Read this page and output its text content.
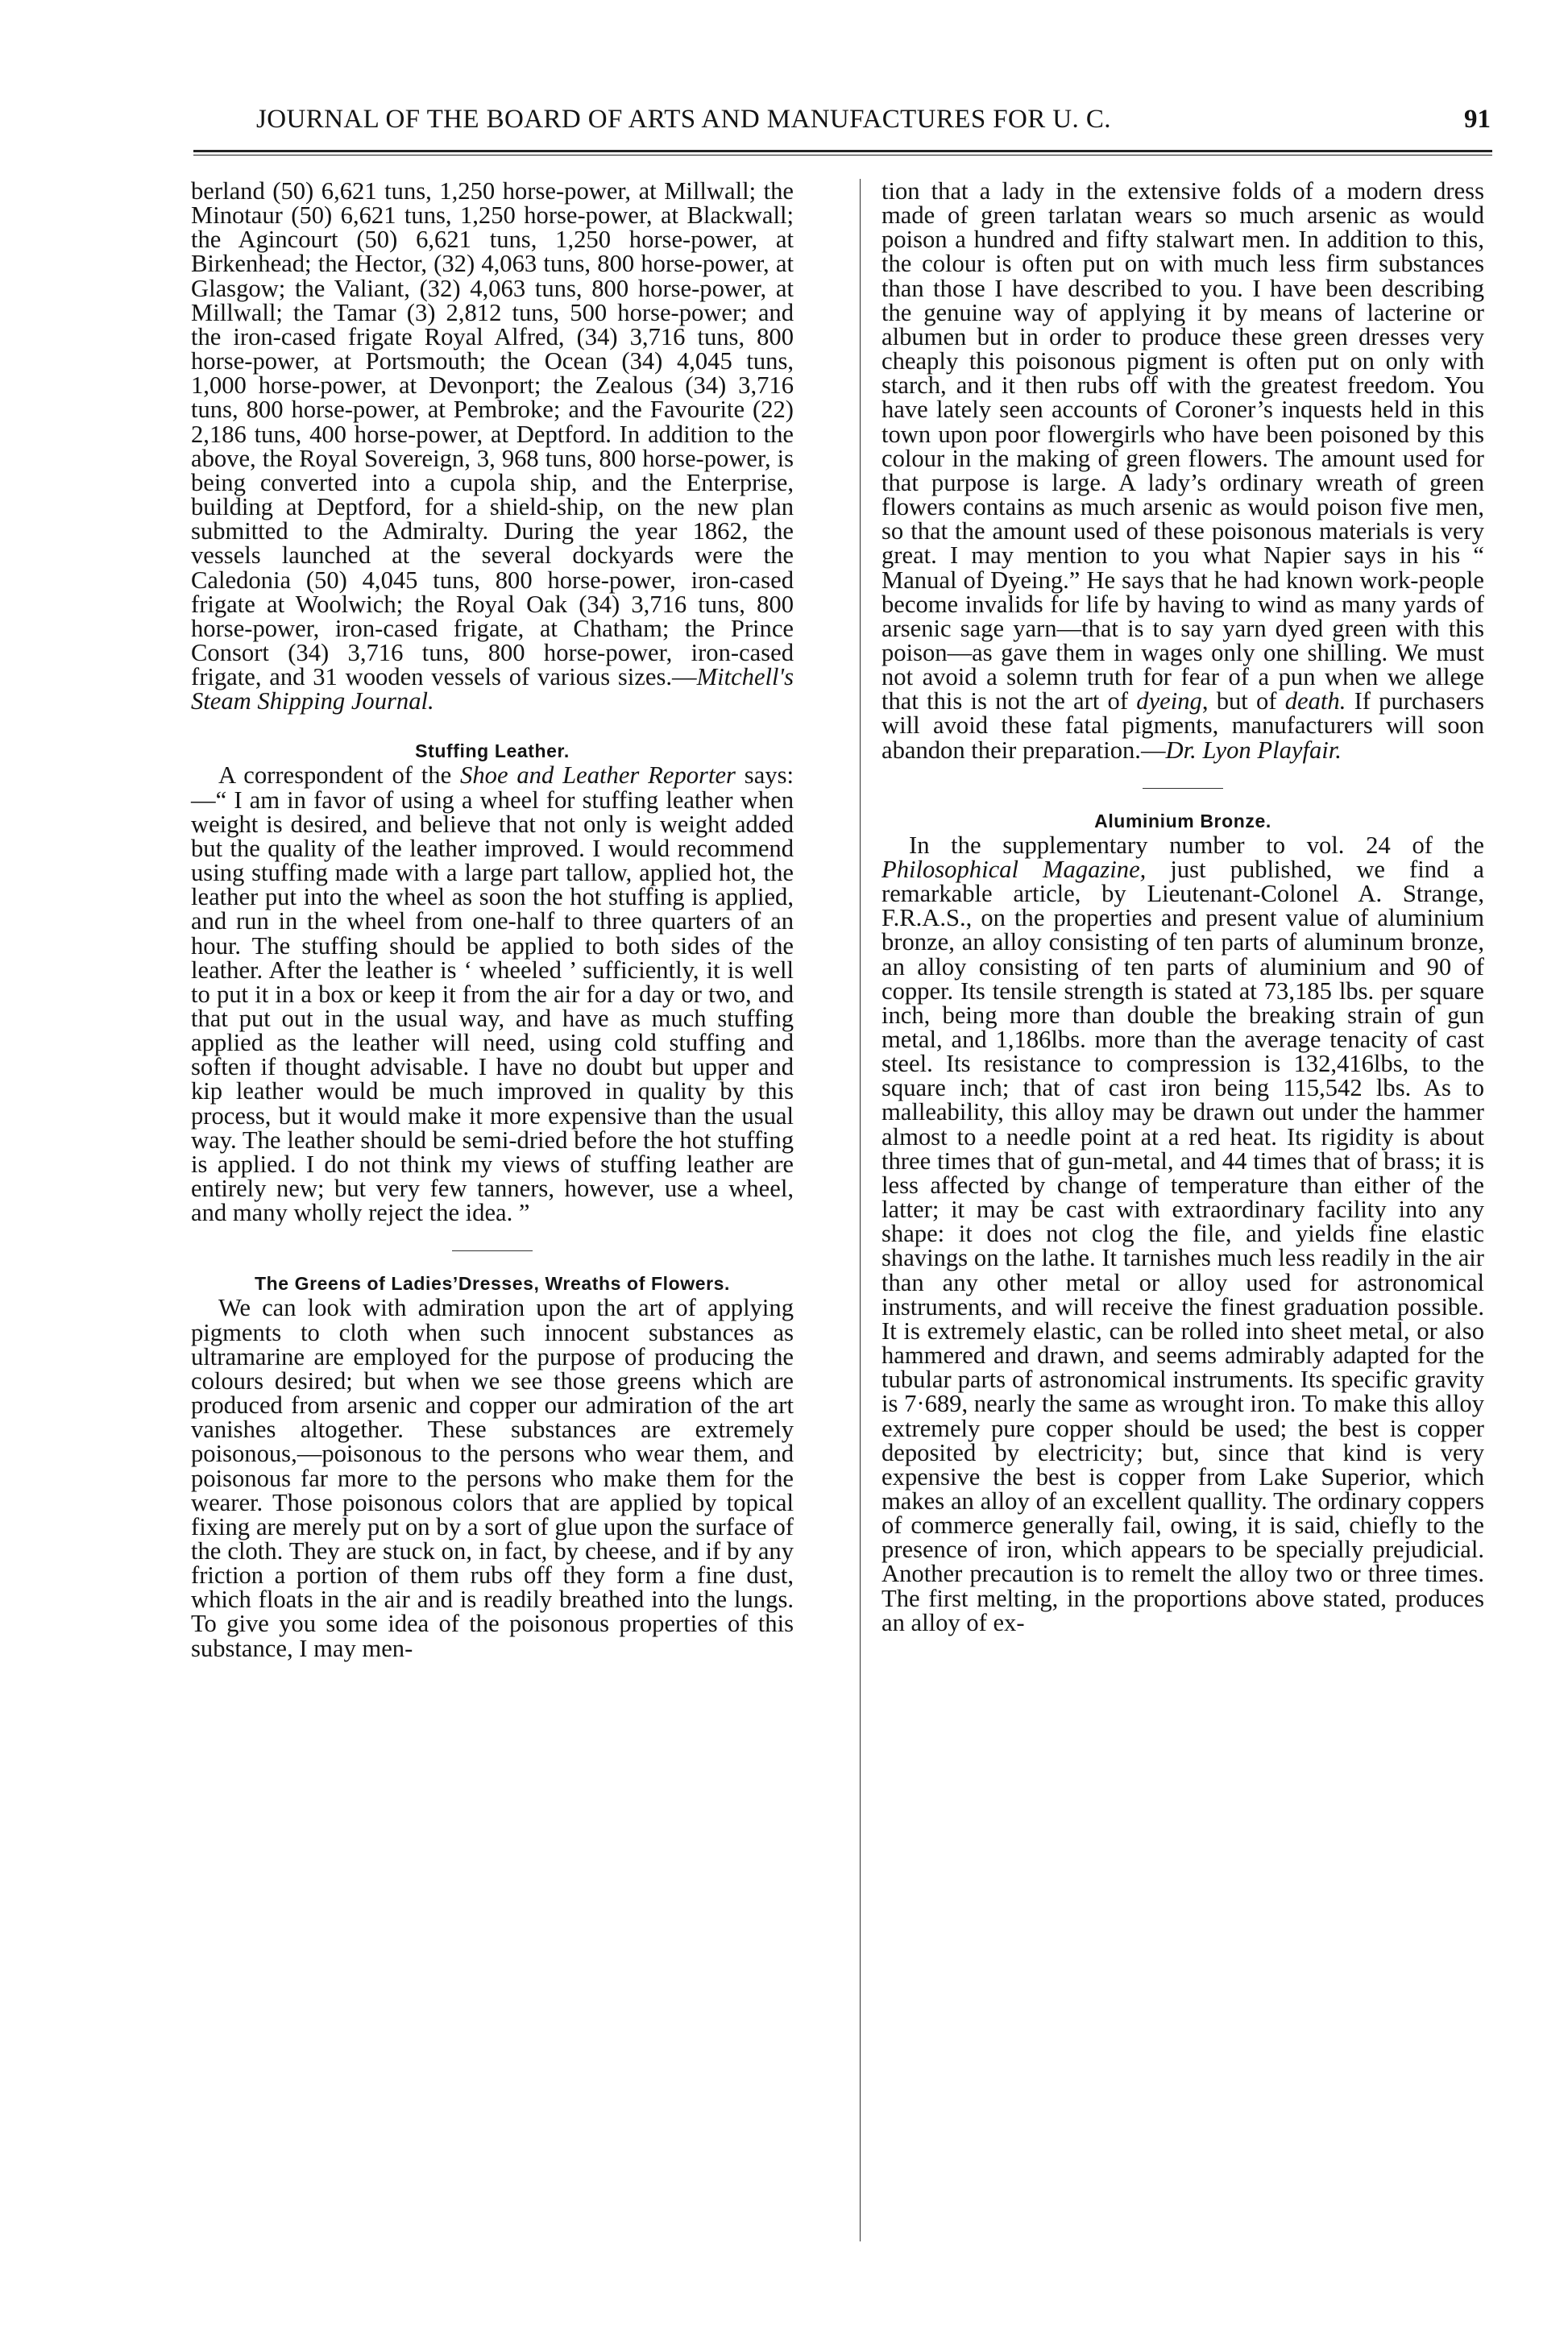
JOURNAL OF THE BOARD OF ARTS AND MANUFACTURES FOR U. C.	91

berland (50) 6,621 tuns, 1,250 horse-power, at Millwall; the Minotaur (50) 6,621 tuns, 1,250 horse-power, at Blackwall; the Agincourt (50) 6,621 tuns, 1,250 horse-power, at Birkenhead; the Hector, (32) 4,063 tuns, 800 horse-power, at Glasgow; the Valiant, (32) 4,063 tuns, 800 horse-power, at Millwall; the Tamar (3) 2,812 tuns, 500 horse-power; and the iron-cased frigate Royal Alfred, (34) 3,716 tuns, 800 horse-power, at Portsmouth; the Ocean (34) 4,045 tuns, 1,000 horse-power, at Devonport; the Zealous (34) 3,716 tuns, 800 horse-power, at Pembroke; and the Favourite (22) 2,186 tuns, 400 horse-power, at Deptford. In addition to the above, the Royal Sovereign, 3, 968 tuns, 800 horse-power, is being converted into a cupola ship, and the Enterprise, building at Deptford, for a shield-ship, on the new plan submitted to the Admiralty. During the year 1862, the vessels launched at the several dockyards were the Caledonia (50) 4,045 tuns, 800 horse-power, iron-cased frigate at Woolwich; the Royal Oak (34) 3,716 tuns, 800 horse-power, iron-cased frigate, at Chatham; the Prince Consort (34) 3,716 tuns, 800 horse-power, iron-cased frigate, and 31 wooden vessels of various sizes.—Mitchell's Steam Shipping Journal.

Stuffing Leather.

A correspondent of the Shoe and Leather Reporter says:—“ I am in favor of using a wheel for stuffing leather when weight is desired, and believe that not only is weight added but the quality of the leather improved. I would recommend using stuffing made with a large part tallow, applied hot, the leather put into the wheel as soon the hot stuffing is applied, and run in the wheel from one-half to three quarters of an hour. The stuffing should be applied to both sides of the leather. After the leather is ‘ wheeled ’ sufficiently, it is well to put it in a box or keep it from the air for a day or two, and that put out in the usual way, and have as much stuffing applied as the leather will need, using cold stuffing and soften if thought advisable. I have no doubt but upper and kip leather would be much improved in quality by this process, but it would make it more expensive than the usual way. The leather should be semi-dried before the hot stuffing is applied. I do not think my views of stuffing leather are entirely new; but very few tanners, however, use a wheel, and many wholly reject the idea. ”

The Greens of Ladies’Dresses, Wreaths of Flowers.

We can look with admiration upon the art of applying pigments to cloth when such innocent substances as ultramarine are employed for the purpose of producing the colours desired; but when we see those greens which are produced from arsenic and copper our admiration of the art vanishes altogether. These substances are extremely poisonous,—poisonous to the persons who wear them, and poisonous far more to the persons who make them for the wearer. Those poisonous colors that are applied by topical fixing are merely put on by a sort of glue upon the surface of the cloth. They are stuck on, in fact, by cheese, and if by any friction a portion of them rubs off they form a fine dust, which floats in the air and is readily breathed into the lungs. To give you some idea of the poisonous properties of this substance, I may men-

tion that a lady in the extensive folds of a modern dress made of green tarlatan wears so much arsenic as would poison a hundred and fifty stalwart men. In addition to this, the colour is often put on with much less firm substances than those I have described to you. I have been describing the genuine way of applying it by means of lacterine or albumen but in order to produce these green dresses very cheaply this poisonous pigment is often put on only with starch, and it then rubs off with the greatest freedom. You have lately seen accounts of Coroner’s inquests held in this town upon poor flowergirls who have been poisoned by this colour in the making of green flowers. The amount used for that purpose is large. A lady’s ordinary wreath of green flowers contains as much arsenic as would poison five men, so that the amount used of these poisonous materials is very great. I may mention to you what Napier says in his “ Manual of Dyeing.” He says that he had known work-people become invalids for life by having to wind as many yards of arsenic sage yarn—that is to say yarn dyed green with this poison—as gave them in wages only one shilling. We must not avoid a solemn truth for fear of a pun when we allege that this is not the art of dyeing, but of death. If purchasers will avoid these fatal pigments, manufacturers will soon abandon their preparation.—Dr. Lyon Playfair.

Aluminium Bronze.

In the supplementary number to vol. 24 of the Philosophical Magazine, just published, we find a remarkable article, by Lieutenant-Colonel A. Strange, F.R.A.S., on the properties and present value of aluminium bronze, an alloy consisting of ten parts of aluminum bronze, an alloy consisting of ten parts of aluminium and 90 of copper. Its tensile strength is stated at 73,185 lbs. per square inch, being more than double the breaking strain of gun metal, and 1,186lbs. more than the average tenacity of cast steel. Its resistance to compression is 132,416lbs, to the square inch; that of cast iron being 115,542 lbs. As to malleability, this alloy may be drawn out under the hammer almost to a needle point at a red heat. Its rigidity is about three times that of gun-metal, and 44 times that of brass; it is less affected by change of temperature than either of the latter; it may be cast with extraordinary facility into any shape: it does not clog the file, and yields fine elastic shavings on the lathe. It tarnishes much less readily in the air than any other metal or alloy used for astronomical instruments, and will receive the finest graduation possible. It is extremely elastic, can be rolled into sheet metal, or also hammered and drawn, and seems admirably adapted for the tubular parts of astronomical instruments. Its specific gravity is 7·689, nearly the same as wrought iron. To make this alloy extremely pure copper should be used; the best is copper deposited by electricity; but, since that kind is very expensive the best is copper from Lake Superior, which makes an alloy of an excellent quallity. The ordinary coppers of commerce generally fail, owing, it is said, chiefly to the presence of iron, which appears to be specially prejudicial. Another precaution is to remelt the alloy two or three times. The first melting, in the proportions above stated, produces an alloy of ex-
